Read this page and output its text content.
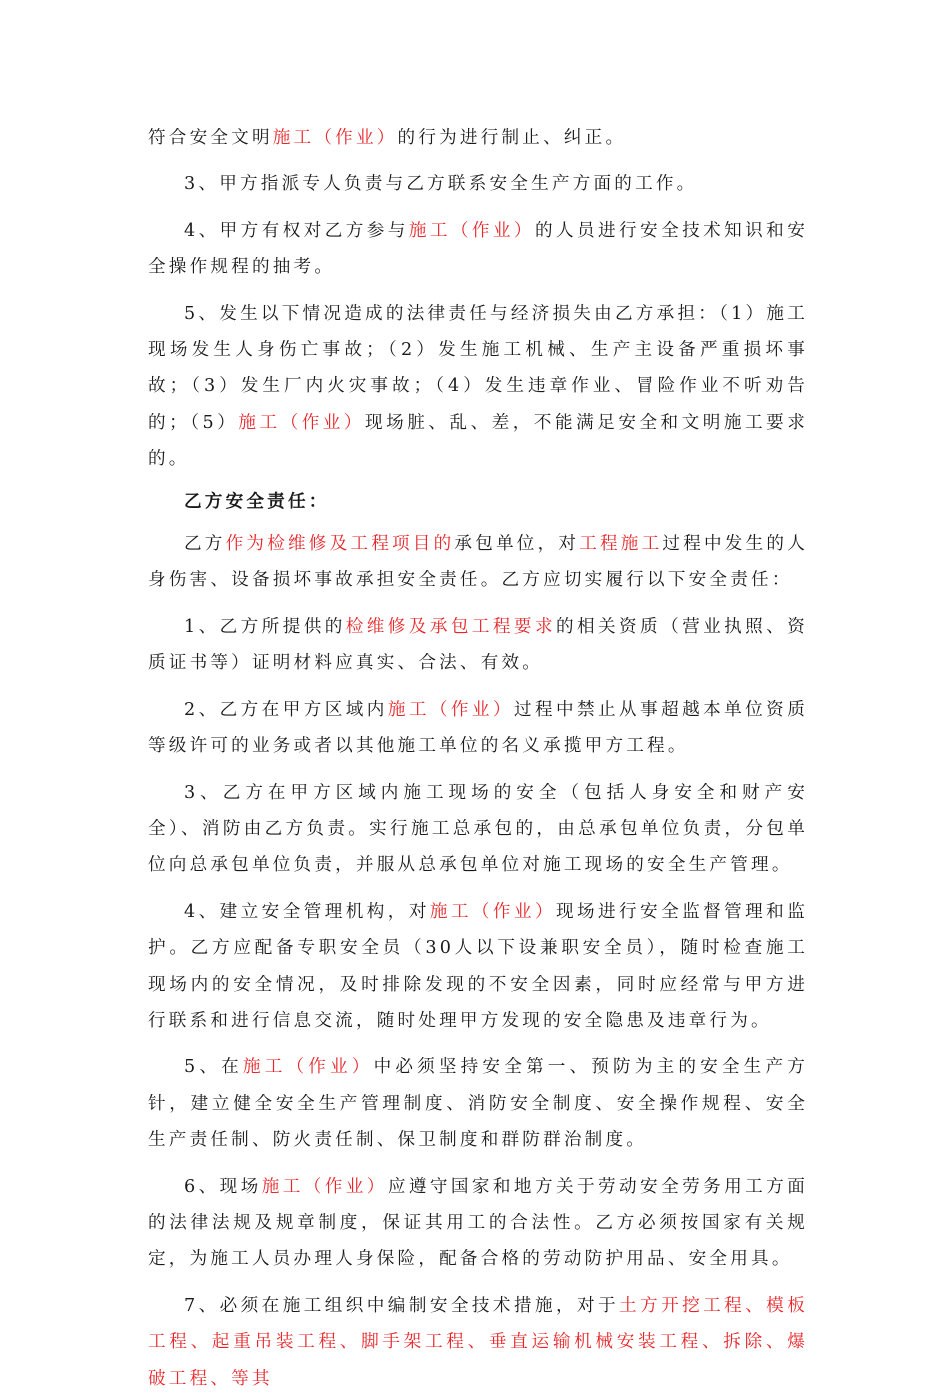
符合安全文明施工（作业）的行为进行制止、纠正。

3、甲方指派专人负责与乙方联系安全生产方面的工作。

4、甲方有权对乙方参与施工（作业）的人员进行安全技术知识和安全操作规程的抽考。

5、发生以下情况造成的法律责任与经济损失由乙方承担：（1）施工现场发生人身伤亡事故；（2）发生施工机械、生产主设备严重损坏事故；（3）发生厂内火灾事故；（4）发生违章作业、冒险作业不听劝告的；（5）施工（作业）现场脏、乱、差，不能满足安全和文明施工要求的。

乙方安全责任：

乙方作为检维修及工程项目的承包单位，对工程施工过程中发生的人身伤害、设备损坏事故承担安全责任。乙方应切实履行以下安全责任：

1、乙方所提供的检维修及承包工程要求的相关资质（营业执照、资质证书等）证明材料应真实、合法、有效。

2、乙方在甲方区域内施工（作业）过程中禁止从事超越本单位资质等级许可的业务或者以其他施工单位的名义承揽甲方工程。

3、乙方在甲方区域内施工现场的安全（包括人身安全和财产安全）、消防由乙方负责。实行施工总承包的，由总承包单位负责，分包单位向总承包单位负责，并服从总承包单位对施工现场的安全生产管理。

4、建立安全管理机构，对施工（作业）现场进行安全监督管理和监护。乙方应配备专职安全员（30人以下设兼职安全员），随时检查施工现场内的安全情况，及时排除发现的不安全因素，同时应经常与甲方进行联系和进行信息交流，随时处理甲方发现的安全隐患及违章行为。

5、在施工（作业）中必须坚持安全第一、预防为主的安全生产方针，建立健全安全生产管理制度、消防安全制度、安全操作规程、安全生产责任制、防火责任制、保卫制度和群防群治制度。

6、现场施工（作业）应遵守国家和地方关于劳动安全劳务用工方面的法律法规及规章制度，保证其用工的合法性。乙方必须按国家有关规定，为施工人员办理人身保险，配备合格的劳动防护用品、安全用具。

7、必须在施工组织中编制安全技术措施，对于土方开挖工程、模板工程、起重吊装工程、脚手架工程、垂直运输机械安装工程、拆除、爆破工程、等其
